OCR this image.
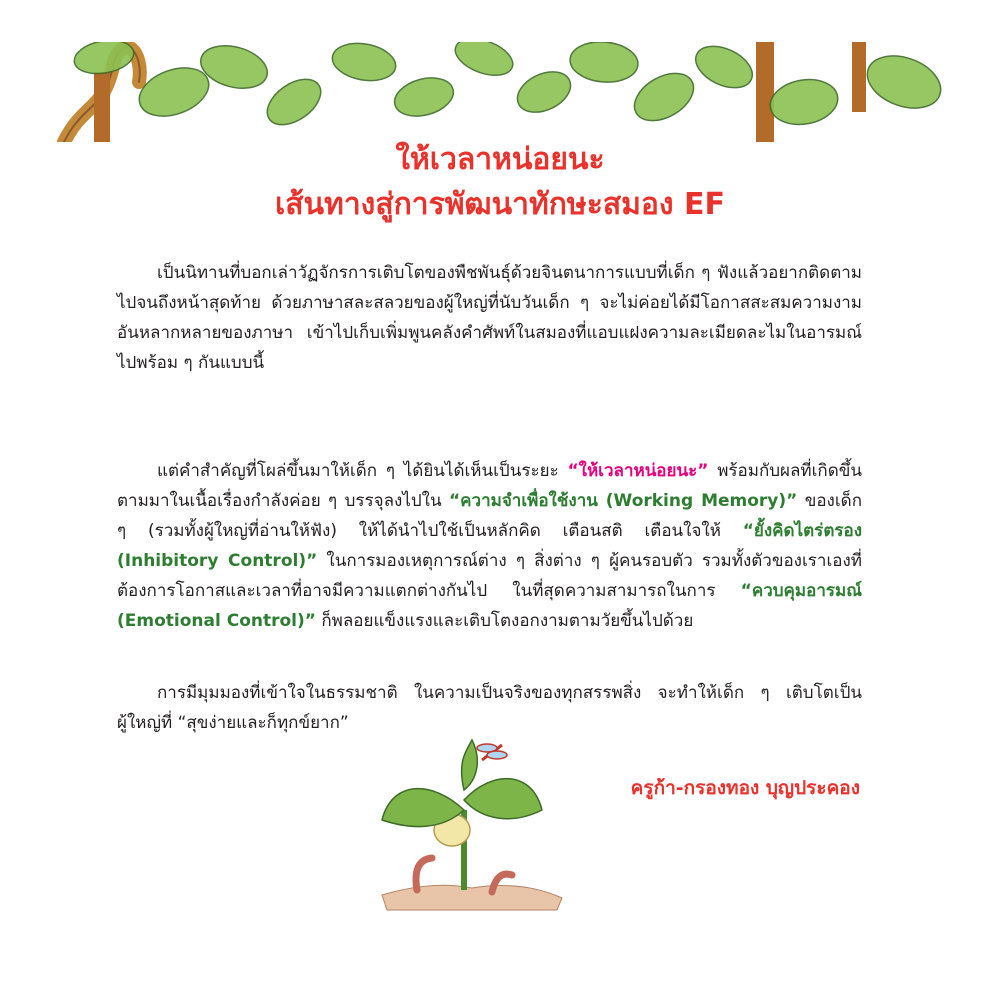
ให้เวลาหน่อยนะ
เส้นทางสู่การพัฒนาทักษะสมอง EF

เป็นนิทานที่บอกเล่าวัฏจักรการเติบโตของพืชพันธุ์ด้วยจินตนาการแบบที่เด็ก ๆ ฟังแล้วอยากติดตามไปจนถึงหน้าสุดท้าย ด้วยภาษาสละสลวยของผู้ใหญ่ที่นับวันเด็ก ๆ จะไม่ค่อยได้มีโอกาสสะสมความงามอันหลากหลายของภาษา เข้าไปเก็บเพิ่มพูนคลังคำศัพท์ในสมองที่แอบแฝงความละเมียดละไมในอารมณ์ไปพร้อม ๆ กันแบบนี้

แต่คำสำคัญที่โผล่ขึ้นมาให้เด็ก ๆ ได้ยินได้เห็นเป็นระยะ “ให้เวลาหน่อยนะ” พร้อมกับผลที่เกิดขึ้นตามมาในเนื้อเรื่องกำลังค่อย ๆ บรรจุลงไปใน “ความจำเพื่อใช้งาน (Working Memory)” ของเด็ก ๆ (รวมทั้งผู้ใหญ่ที่อ่านให้ฟัง) ให้ได้นำไปใช้เป็นหลักคิด เตือนสติ เตือนใจให้ “ยั้งคิดไตร่ตรอง (Inhibitory Control)” ในการมองเหตุการณ์ต่าง ๆ สิ่งต่าง ๆ ผู้คนรอบตัว รวมทั้งตัวของเราเองที่ต้องการโอกาสและเวลาที่อาจมีความแตกต่างกันไป ในที่สุดความสามารถในการ “ควบคุมอารมณ์ (Emotional Control)” ก็พลอยแข็งแรงและเติบโตงอกงามตามวัยขึ้นไปด้วย

การมีมุมมองที่เข้าใจในธรรมชาติ ในความเป็นจริงของทุกสรรพสิ่ง จะทำให้เด็ก ๆ เติบโตเป็นผู้ใหญ่ที่ “สุขง่ายและก็ทุกข์ยาก”

ครูก้า-กรองทอง บุญประคอง
